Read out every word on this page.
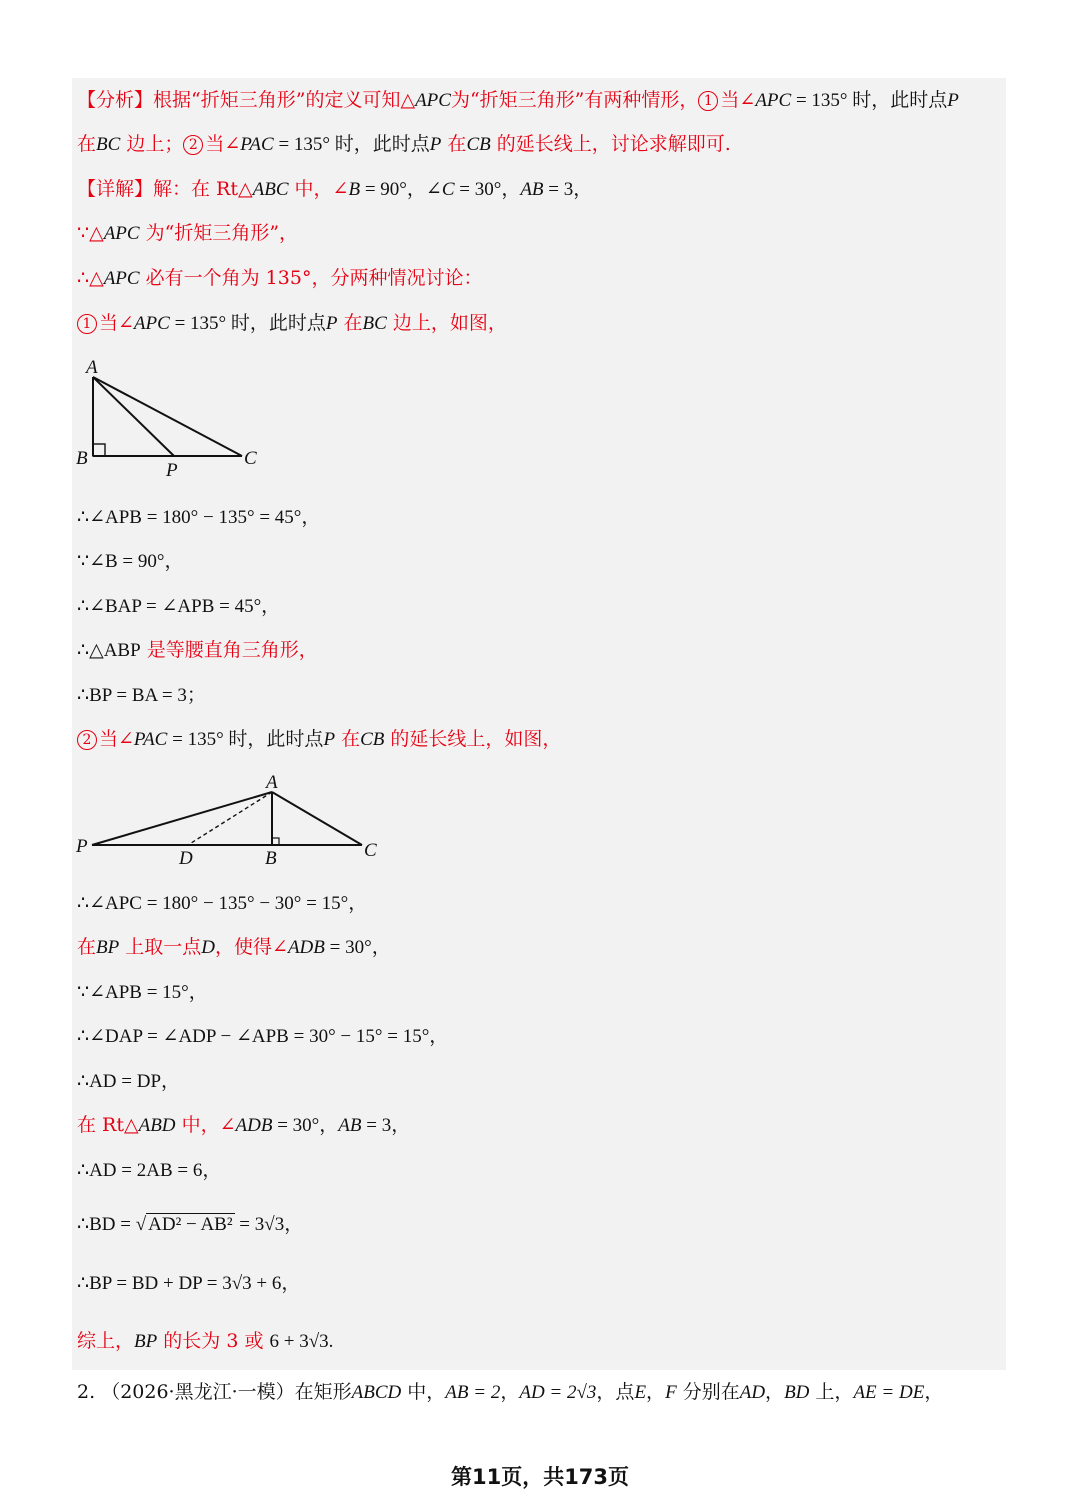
【分析】根据“折矩三角形”的定义可知△APC为“折矩三角形”有两种情形， 1 当∠APC = 135° 时，此时点P
在BC 边上； 2 当∠PAC = 135° 时，此时点P 在CB 的延长线上，讨论求解即可.
【详解】解：在 Rt△ABC 中，∠B = 90°，∠C = 30°，AB = 3，
∵△APC 为“折矩三角形”，
∴△APC 必有一个角为 135°，分两种情况讨论：
1 当∠APC = 135° 时，此时点P 在BC 边上，如图，
A
B
P
C
∴∠APB = 180° − 135° = 45°，
∵∠B = 90°，
∴∠BAP = ∠APB = 45°，
∴△ABP 是等腰直角三角形，
∴BP = BA = 3；
2 当∠PAC = 135° 时，此时点P 在CB 的延长线上，如图，
A
P
D	B	C
∴∠APC = 180° − 135° − 30° = 15°，
在BP 上取一点D，使得∠ADB = 30°，
∵∠APB = 15°，
∴∠DAP = ∠ADP − ∠APB = 30° − 15° = 15°，
∴AD = DP，
在 Rt△ABD 中，∠ADB = 30°，AB = 3，
∴AD = 2AB = 6，
∴BD = √ AD² − AB² = 3√3，
∴BP = BD + DP = 3√3 + 6，
综上，BP 的长为 3 或 6 + 3√3.
2. （2026·黑龙江·一模）在矩形ABCD 中，AB = 2，AD = 2√3，点E，F 分别在AD，BD 上，AE = DE，
第11页，共173页
